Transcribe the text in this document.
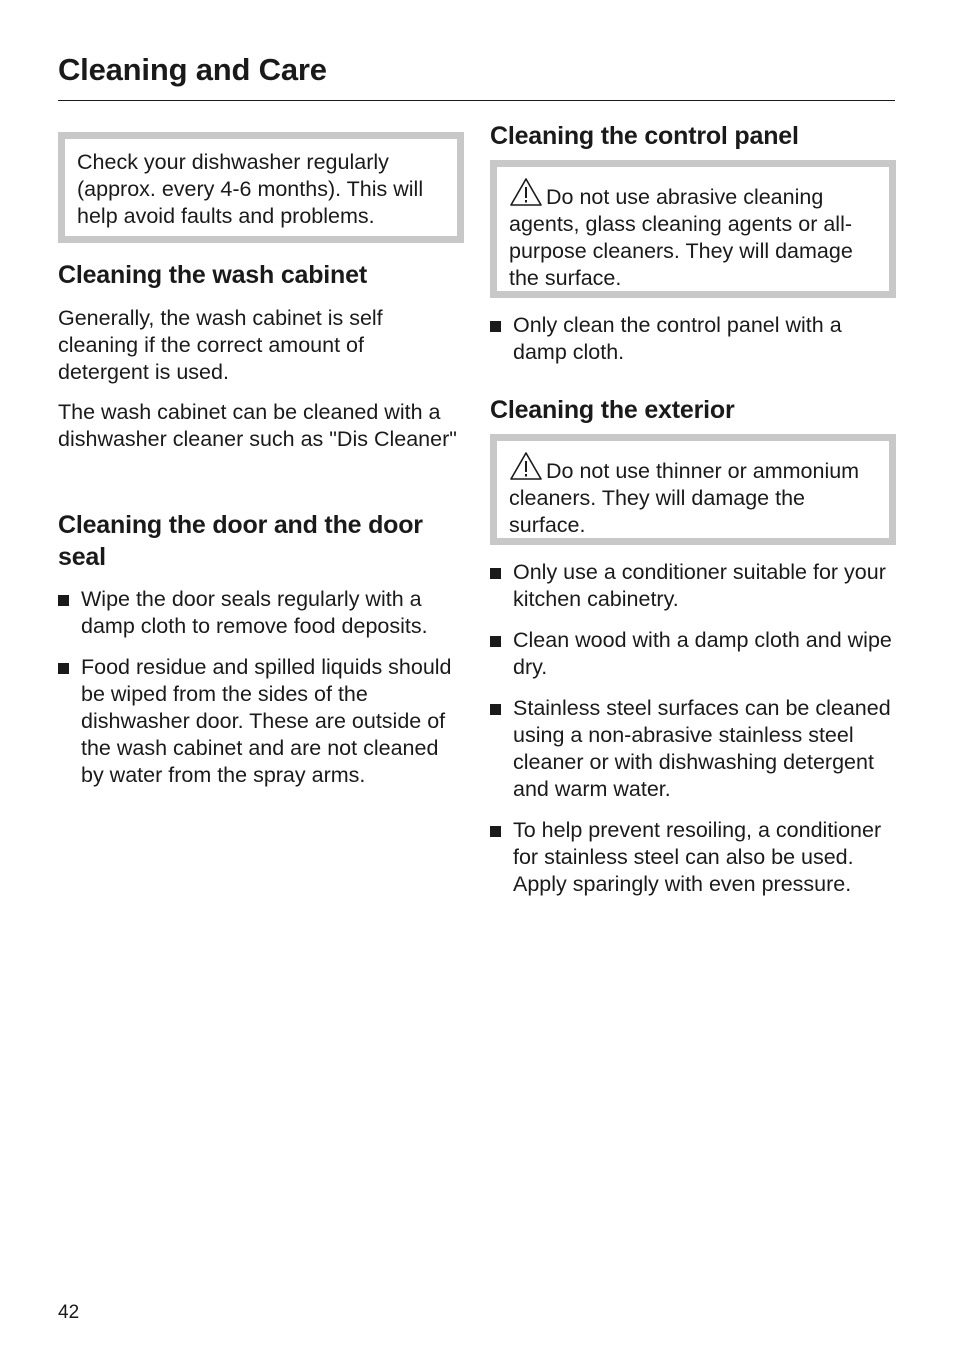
Cleaning and Care
Check your dishwasher regularly (approx. every 4-6 months). This will help avoid faults and problems.
Cleaning the wash cabinet

Generally, the wash cabinet is self cleaning if the correct amount of detergent is used.

The wash cabinet can be cleaned with a dishwasher cleaner such as "Dis Cleaner"

Cleaning the door and the door seal
Wipe the door seals regularly with a damp cloth to remove food deposits.
Food residue and spilled liquids should be wiped from the sides of the dishwasher door. These are outside of the wash cabinet and are not cleaned by water from the spray arms.
Cleaning the control panel
Do not use abrasive cleaning agents, glass cleaning agents or all-purpose cleaners. They will damage the surface.
Only clean the control panel with a damp cloth.
Cleaning the exterior
Do not use thinner or ammonium cleaners. They will damage the surface.
Only use a conditioner suitable for your kitchen cabinetry.
Clean wood with a damp cloth and wipe dry.
Stainless steel surfaces can be cleaned using a non-abrasive stainless steel cleaner or with dishwashing detergent and warm water.
To help prevent resoiling, a conditioner for stainless steel can also be used. Apply sparingly with even pressure.
42
